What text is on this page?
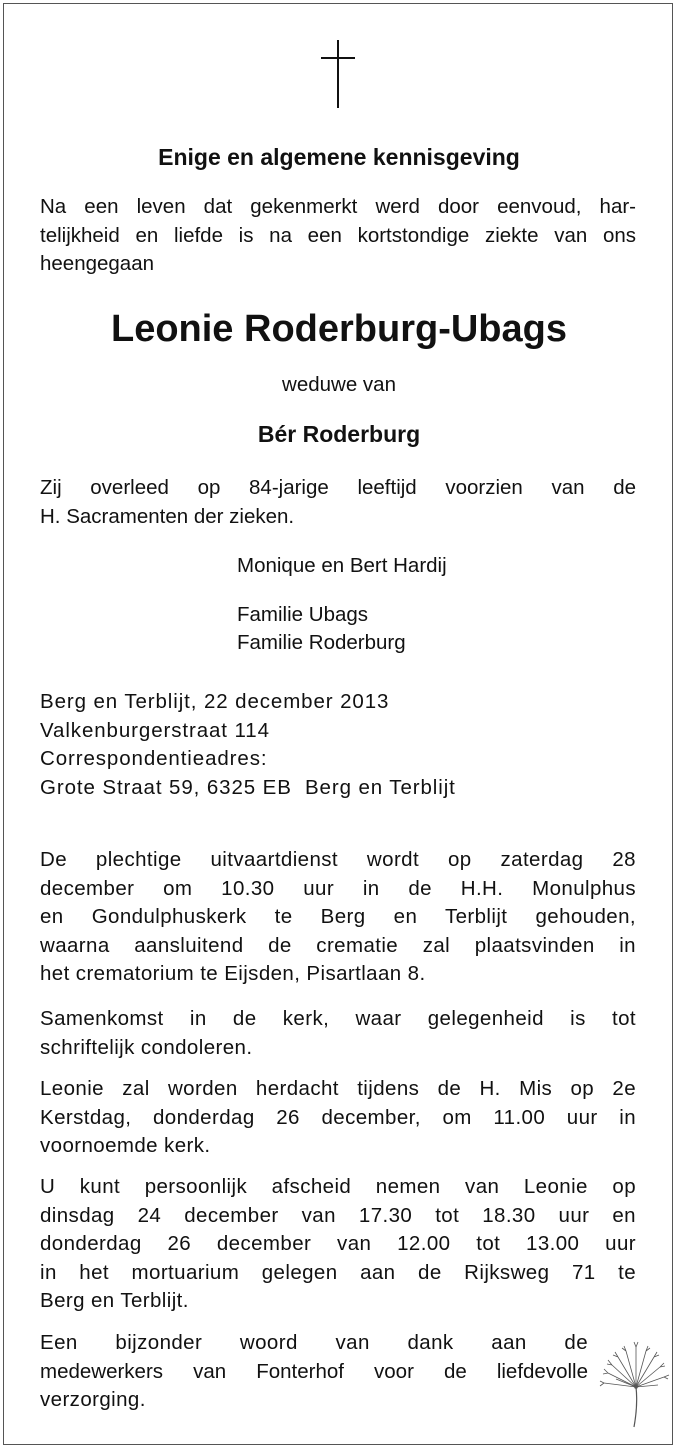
Enige en algemene kennisgeving
Na een leven dat gekenmerkt werd door eenvoud, har-
telijkheid en liefde is na een kortstondige ziekte van ons
heengegaan
Leonie Roderburg-Ubags
weduwe van
Bér Roderburg
Zij overleed op 84-jarige leeftijd voorzien van de
H. Sacramenten der zieken.
Monique en Bert Hardij
Familie Ubags
Familie Roderburg
Berg en Terblijt, 22 december 2013
Valkenburgerstraat 114
Correspondentieadres:
Grote Straat 59, 6325 EB  Berg en Terblijt
De plechtige uitvaartdienst wordt op zaterdag 28
december om 10.30 uur in de H.H. Monulphus
en Gondulphuskerk te Berg en Terblijt gehouden,
waarna aansluitend de crematie zal plaatsvinden in
het crematorium te Eijsden, Pisartlaan 8.
Samenkomst in de kerk, waar gelegenheid is tot
schriftelijk condoleren.
Leonie zal worden herdacht tijdens de H. Mis op 2e
Kerstdag, donderdag 26 december, om 11.00 uur in
voornoemde kerk.
U kunt persoonlijk afscheid nemen van Leonie op
dinsdag 24 december van 17.30 tot 18.30 uur en
donderdag 26 december van 12.00 tot 13.00 uur
in het mortuarium gelegen aan de Rijksweg 71 te
Berg en Terblijt.
Een bijzonder woord van dank aan de
medewerkers van Fonterhof voor de liefdevolle
verzorging.
